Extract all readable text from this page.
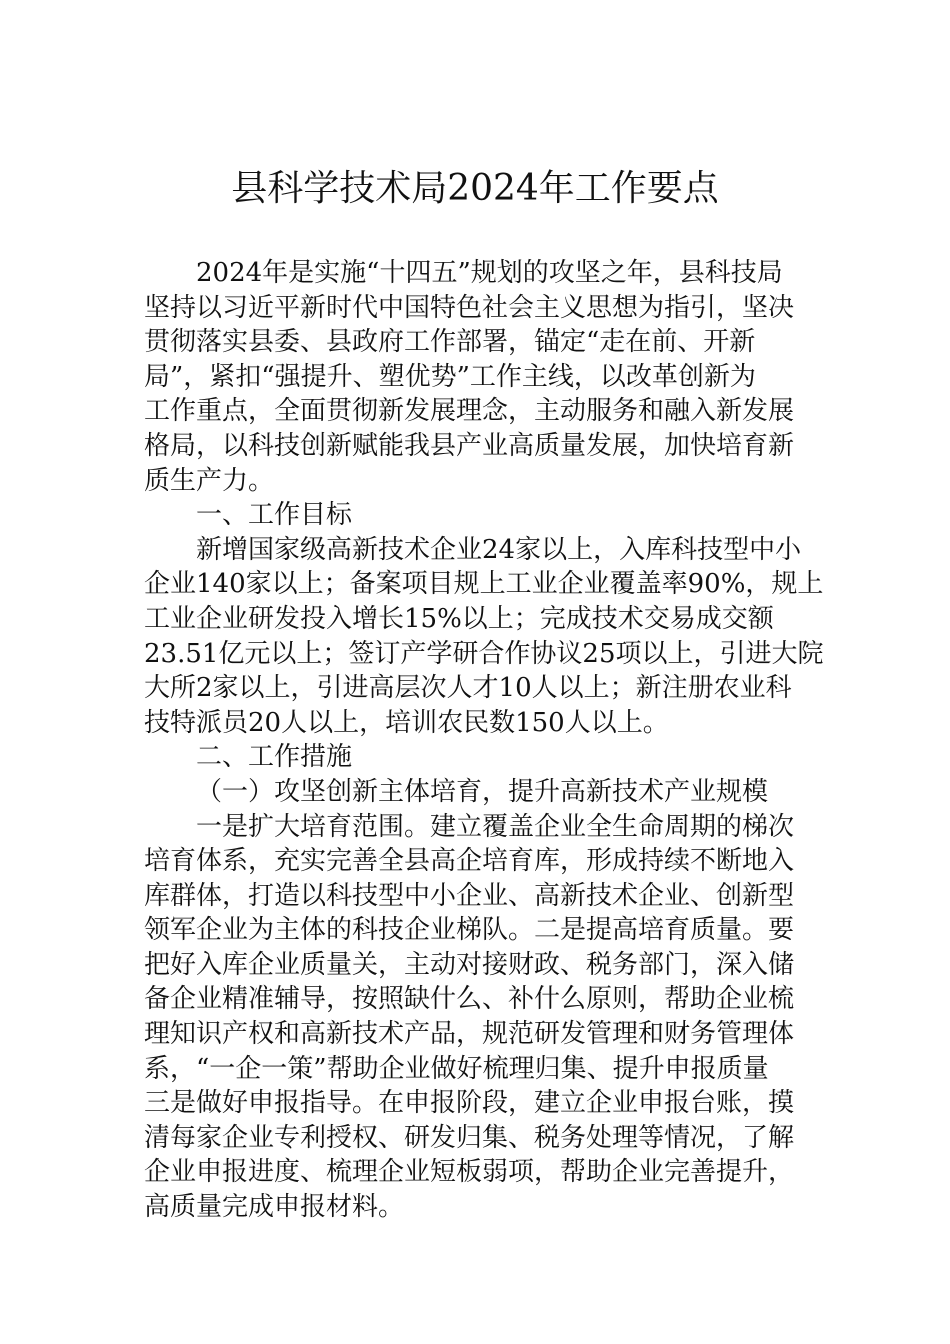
县科学技术局2024年工作要点
2024年是实施“十四五”规划的攻坚之年，县科技局
坚持以习近平新时代中国特色社会主义思想为指引，坚决
贯彻落实县委、县政府工作部署，锚定“走在前、开新
局”，紧扣“强提升、塑优势”工作主线，以改革创新为
工作重点，全面贯彻新发展理念，主动服务和融入新发展
格局，以科技创新赋能我县产业高质量发展，加快培育新
质生产力。
一、工作目标
新增国家级高新技术企业24家以上，入库科技型中小
企业140家以上；备案项目规上工业企业覆盖率90%，规上
工业企业研发投入增长15%以上；完成技术交易成交额
23.51亿元以上；签订产学研合作协议25项以上，引进大院
大所2家以上，引进高层次人才10人以上；新注册农业科
技特派员20人以上，培训农民数150人以上。
二、工作措施
（一）攻坚创新主体培育，提升高新技术产业规模
一是扩大培育范围。建立覆盖企业全生命周期的梯次
培育体系，充实完善全县高企培育库，形成持续不断地入
库群体，打造以科技型中小企业、高新技术企业、创新型
领军企业为主体的科技企业梯队。二是提高培育质量。要
把好入库企业质量关，主动对接财政、税务部门，深入储
备企业精准辅导，按照缺什么、补什么原则，帮助企业梳
理知识产权和高新技术产品，规范研发管理和财务管理体
系，“一企一策”帮助企业做好梳理归集、提升申报质量
三是做好申报指导。在申报阶段，建立企业申报台账，摸
清每家企业专利授权、研发归集、税务处理等情况，了解
企业申报进度、梳理企业短板弱项，帮助企业完善提升，
高质量完成申报材料。
